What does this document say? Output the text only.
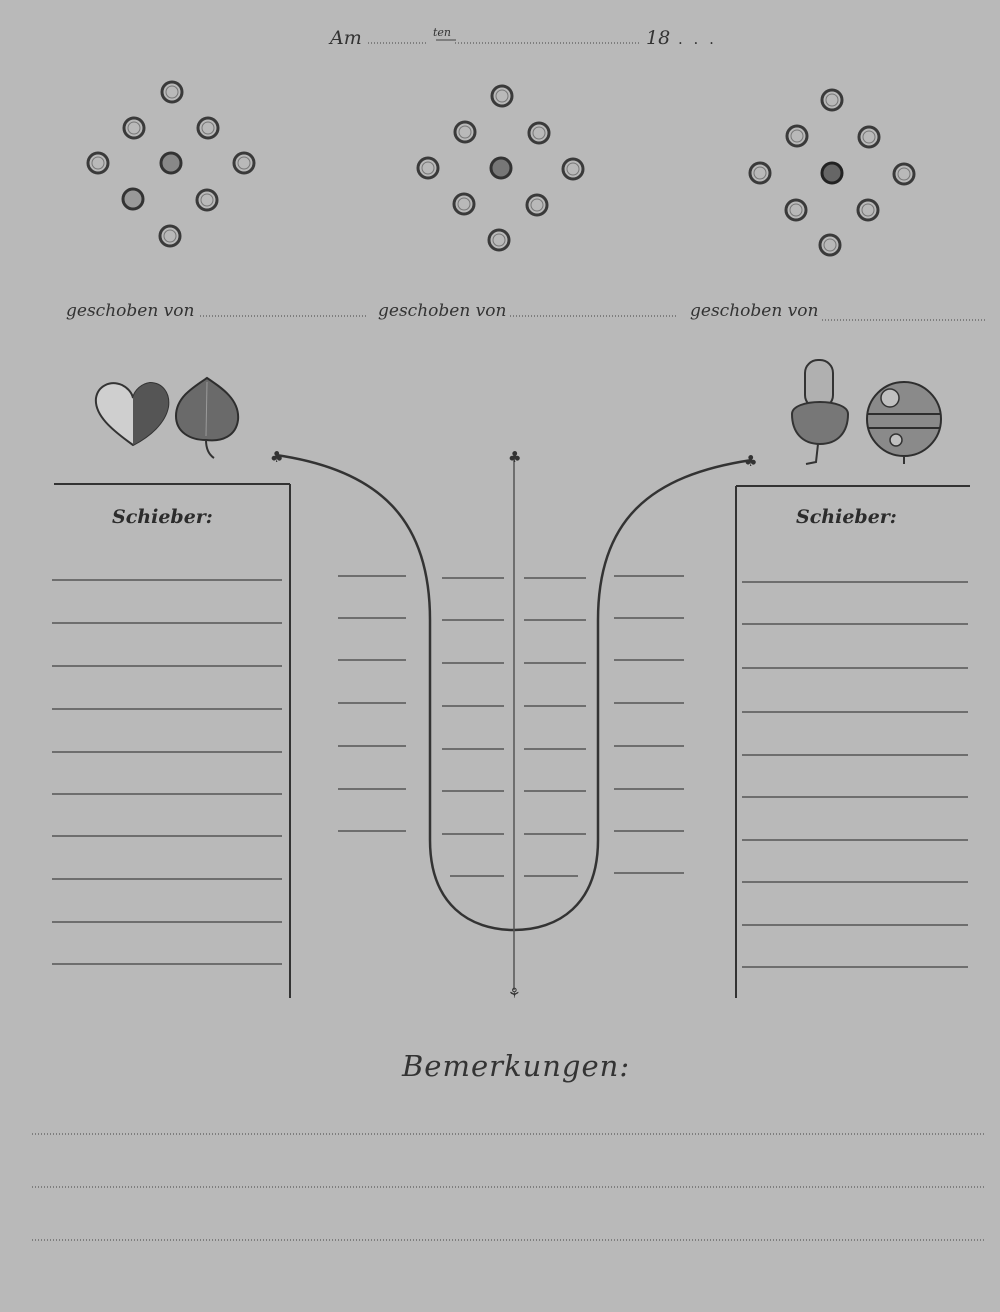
♣	♣
♣
⚘
Am	ten	18 . . .
geschoben von	geschoben von	geschoben von
Schieber:	Schieber:
Bemerkungen:
